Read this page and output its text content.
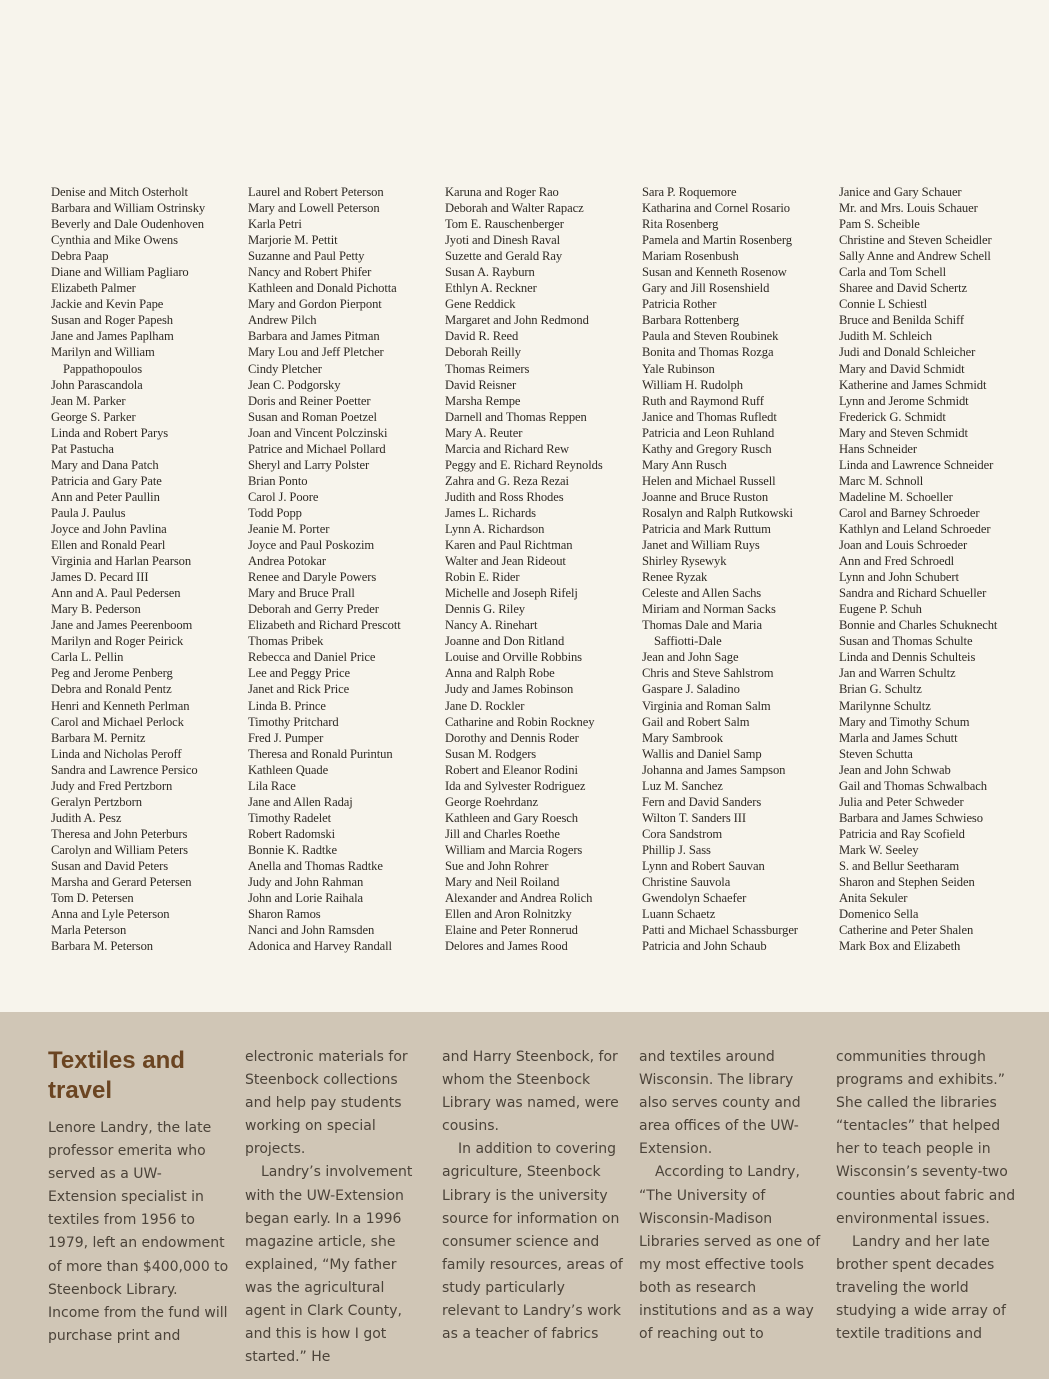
Denise and Mitch Osterholt
Barbara and William Ostrinsky
Beverly and Dale Oudenhoven
Cynthia and Mike Owens
Debra Paap
Diane and William Pagliaro
Elizabeth Palmer
Jackie and Kevin Pape
Susan and Roger Papesh
Jane and James Paplham
Marilyn and William
Pappathopoulos
John Parascandola
Jean M. Parker
George S. Parker
Linda and Robert Parys
Pat Pastucha
Mary and Dana Patch
Patricia and Gary Pate
Ann and Peter Paullin
Paula J. Paulus
Joyce and John Pavlina
Ellen and Ronald Pearl
Virginia and Harlan Pearson
James D. Pecard III
Ann and A. Paul Pedersen
Mary B. Pederson
Jane and James Peerenboom
Marilyn and Roger Peirick
Carla L. Pellin
Peg and Jerome Penberg
Debra and Ronald Pentz
Henri and Kenneth Perlman
Carol and Michael Perlock
Barbara M. Pernitz
Linda and Nicholas Peroff
Sandra and Lawrence Persico
Judy and Fred Pertzborn
Geralyn Pertzborn
Judith A. Pesz
Theresa and John Peterburs
Carolyn and William Peters
Susan and David Peters
Marsha and Gerard Petersen
Tom D. Petersen
Anna and Lyle Peterson
Marla Peterson
Barbara M. Peterson
Laurel and Robert Peterson
Mary and Lowell Peterson
Karla Petri
Marjorie M. Pettit
Suzanne and Paul Petty
Nancy and Robert Phifer
Kathleen and Donald Pichotta
Mary and Gordon Pierpont
Andrew Pilch
Barbara and James Pitman
Mary Lou and Jeff Pletcher
Cindy Pletcher
Jean C. Podgorsky
Doris and Reiner Poetter
Susan and Roman Poetzel
Joan and Vincent Polczinski
Patrice and Michael Pollard
Sheryl and Larry Polster
Brian Ponto
Carol J. Poore
Todd Popp
Jeanie M. Porter
Joyce and Paul Poskozim
Andrea Potokar
Renee and Daryle Powers
Mary and Bruce Prall
Deborah and Gerry Preder
Elizabeth and Richard Prescott
Thomas Pribek
Rebecca and Daniel Price
Lee and Peggy Price
Janet and Rick Price
Linda B. Prince
Timothy Pritchard
Fred J. Pumper
Theresa and Ronald Purintun
Kathleen Quade
Lila Race
Jane and Allen Radaj
Timothy Radelet
Robert Radomski
Bonnie K. Radtke
Anella and Thomas Radtke
Judy and John Rahman
John and Lorie Raihala
Sharon Ramos
Nanci and John Ramsden
Adonica and Harvey Randall
Karuna and Roger Rao
Deborah and Walter Rapacz
Tom E. Rauschenberger
Jyoti and Dinesh Raval
Suzette and Gerald Ray
Susan A. Rayburn
Ethlyn A. Reckner
Gene Reddick
Margaret and John Redmond
David R. Reed
Deborah Reilly
Thomas Reimers
David Reisner
Marsha Rempe
Darnell and Thomas Reppen
Mary A. Reuter
Marcia and Richard Rew
Peggy and E. Richard Reynolds
Zahra and G. Reza Rezai
Judith and Ross Rhodes
James L. Richards
Lynn A. Richardson
Karen and Paul Richtman
Walter and Jean Rideout
Robin E. Rider
Michelle and Joseph Rifelj
Dennis G. Riley
Nancy A. Rinehart
Joanne and Don Ritland
Louise and Orville Robbins
Anna and Ralph Robe
Judy and James Robinson
Jane D. Rockler
Catharine and Robin Rockney
Dorothy and Dennis Roder
Susan M. Rodgers
Robert and Eleanor Rodini
Ida and Sylvester Rodriguez
George Roehrdanz
Kathleen and Gary Roesch
Jill and Charles Roethe
William and Marcia Rogers
Sue and John Rohrer
Mary and Neil Roiland
Alexander and Andrea Rolich
Ellen and Aron Rolnitzky
Elaine and Peter Ronnerud
Delores and James Rood
Sara P. Roquemore
Katharina and Cornel Rosario
Rita Rosenberg
Pamela and Martin Rosenberg
Mariam Rosenbush
Susan and Kenneth Rosenow
Gary and Jill Rosenshield
Patricia Rother
Barbara Rottenberg
Paula and Steven Roubinek
Bonita and Thomas Rozga
Yale Rubinson
William H. Rudolph
Ruth and Raymond Ruff
Janice and Thomas Rufledt
Patricia and Leon Ruhland
Kathy and Gregory Rusch
Mary Ann Rusch
Helen and Michael Russell
Joanne and Bruce Ruston
Rosalyn and Ralph Rutkowski
Patricia and Mark Ruttum
Janet and William Ruys
Shirley Rysewyk
Renee Ryzak
Celeste and Allen Sachs
Miriam and Norman Sacks
Thomas Dale and Maria
Saffiotti-Dale
Jean and John Sage
Chris and Steve Sahlstrom
Gaspare J. Saladino
Virginia and Roman Salm
Gail and Robert Salm
Mary Sambrook
Wallis and Daniel Samp
Johanna and James Sampson
Luz M. Sanchez
Fern and David Sanders
Wilton T. Sanders III
Cora Sandstrom
Phillip J. Sass
Lynn and Robert Sauvan
Christine Sauvola
Gwendolyn Schaefer
Luann Schaetz
Patti and Michael Schassburger
Patricia and John Schaub
Janice and Gary Schauer
Mr. and Mrs. Louis Schauer
Pam S. Scheible
Christine and Steven Scheidler
Sally Anne and Andrew Schell
Carla and Tom Schell
Sharee and David Schertz
Connie L Schiestl
Bruce and Benilda Schiff
Judith M. Schleich
Judi and Donald Schleicher
Mary and David Schmidt
Katherine and James Schmidt
Lynn and Jerome Schmidt
Frederick G. Schmidt
Mary and Steven Schmidt
Hans Schneider
Linda and Lawrence Schneider
Marc M. Schnoll
Madeline M. Schoeller
Carol and Barney Schroeder
Kathlyn and Leland Schroeder
Joan and Louis Schroeder
Ann and Fred Schroedl
Lynn and John Schubert
Sandra and Richard Schueller
Eugene P. Schuh
Bonnie and Charles Schuknecht
Susan and Thomas Schulte
Linda and Dennis Schulteis
Jan and Warren Schultz
Brian G. Schultz
Marilynne Schultz
Mary and Timothy Schum
Marla and James Schutt
Steven Schutta
Jean and John Schwab
Gail and Thomas Schwalbach
Julia and Peter Schweder
Barbara and James Schwieso
Patricia and Ray Scofield
Mark W. Seeley
S. and Bellur Seetharam
Sharon and Stephen Seiden
Anita Sekuler
Domenico Sella
Catherine and Peter Shalen
Mark Box and Elizabeth
Textiles and travel

Lenore Landry, the late professor emerita who served as a UW-Extension specialist in textiles from 1956 to 1979, left an endowment of more than $400,000 to Steenbock Library. Income from the fund will purchase print and

electronic materials for Steenbock collections and help pay students working on special projects.

Landry’s involvement with the UW-Extension began early. In a 1996 magazine article, she explained, “My father was the agricultural agent in Clark County, and this is how I got started.” He

and Harry Steenbock, for whom the Steenbock Library was named, were cousins.

In addition to covering agriculture, Steenbock Library is the university source for information on consumer science and family resources, areas of study particularly relevant to Landry’s work as a teacher of fabrics

and textiles around Wisconsin. The library also serves county and area offices of the UW-Extension.

According to Landry, “The University of Wisconsin-Madison Libraries served as one of my most effective tools both as research institutions and as a way of reaching out to

communities through programs and exhibits.” She called the libraries “tentacles” that helped her to teach people in Wisconsin’s seventy-two counties about fabric and environmental issues.

Landry and her late brother spent decades traveling the world studying a wide array of textile traditions and
